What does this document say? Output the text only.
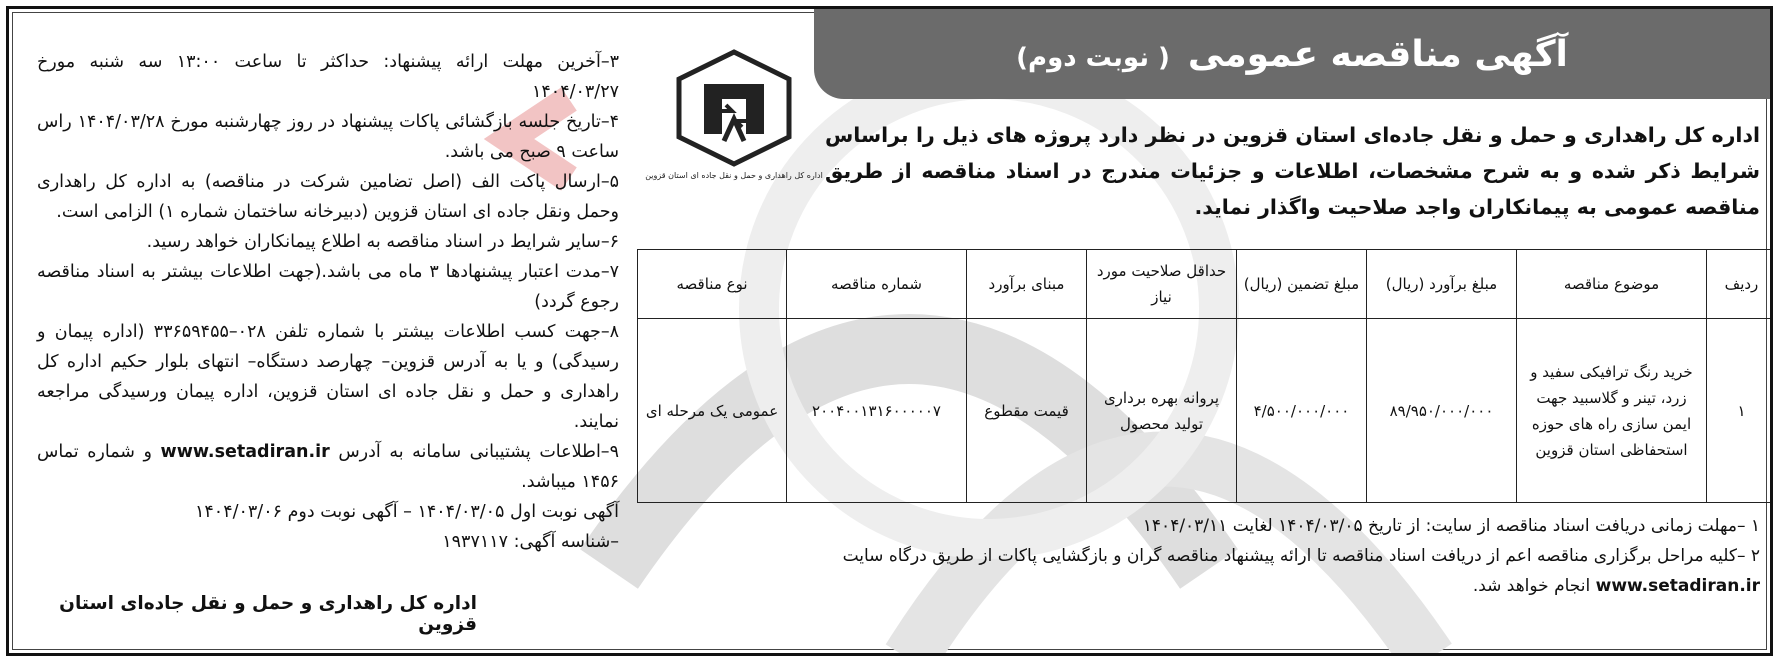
آگهی مناقصه عمومی
( نوبت دوم)
اداره کل راهداری و حمل و نقل جاده‌ای استان قزوین در نظر دارد پروژه های ذیل را براساس شرایط ذکر شده و به شرح مشخصات، اطلاعات و جزئیات مندرج در اسناد مناقصه از طریق مناقصه عمومی به پیمانکاران واجد صلاحیت واگذار نماید.
اداره کل راهداری و حمل و نقل جاده ای استان قزوین
ردیف	موضوع مناقصه	مبلغ برآورد (ریال)	مبلغ تضمین (ریال)	حداقل صلاحیت مورد نیاز	مبنای برآورد	شماره مناقصه	نوع مناقصه
۱	خرید رنگ ترافیکی سفید و زرد، تینر و گلاسبید جهت ایمن سازی راه های حوزه استحفاظی استان قزوین	۸۹/۹۵۰/۰۰۰/۰۰۰	۴/۵۰۰/۰۰۰/۰۰۰	پروانه بهره برداری تولید محصول	قیمت مقطوع	۲۰۰۴۰۰۱۳۱۶۰۰۰۰۰۷	عمومی یک مرحله ای

۱ –مهلت زمانی دریافت اسناد مناقصه از سایت: از تاریخ ۱۴۰۴/۰۳/۰۵ لغایت ۱۴۰۴/۰۳/۱۱

۲ –کلیه مراحل برگزاری مناقصه اعم از دریافت اسناد مناقصه تا ارائه پیشنهاد مناقصه گران و بازگشایی پاکات از طریق درگاه سایت

www.setadiran.ir انجام خواهد شد.

۳–آخرین مهلت ارائه پیشنهاد: حداکثر تا ساعت ۱۳:۰۰ سه شنبه مورخ ۱۴۰۴/۰۳/۲۷

۴–تاریخ جلسه بازگشائی پاکات پیشنهاد در روز چهارشنبه مورخ ۱۴۰۴/۰۳/۲۸ راس ساعت ۹ صبح می باشد.

۵–ارسال پاکت الف (اصل تضامین شرکت در مناقصه) به اداره کل راهداری وحمل ونقل جاده ای استان قزوین (دبیرخانه ساختمان شماره ۱) الزامی است.

۶–سایر شرایط در اسناد مناقصه به اطلاع پیمانکاران خواهد رسید.

۷–مدت اعتبار پیشنهادها ۳ ماه می باشد.(جهت اطلاعات بیشتر به اسناد مناقصه رجوع گردد)

۸–جهت کسب اطلاعات بیشتر با شماره تلفن ۰۲۸–۳۳۶۵۹۴۵۵ (اداره پیمان و رسیدگی) و یا به آدرس قزوین– چهارصد دستگاه– انتهای بلوار حکیم اداره کل راهداری و حمل و نقل جاده ای استان قزوین، اداره پیمان ورسیدگی مراجعه نمایند.

۹–اطلاعات پشتیبانی سامانه به آدرس www.setadiran.ir و شماره تماس ۱۴۵۶ میباشد.

آگهی نوبت اول ۱۴۰۴/۰۳/۰۵ – آگهی نوبت دوم ۱۴۰۴/۰۳/۰۶

–شناسه آگهی: ۱۹۳۷۱۱۷

اداره کل راهداری و حمل و نقل جاده‌ای استان قزوین
